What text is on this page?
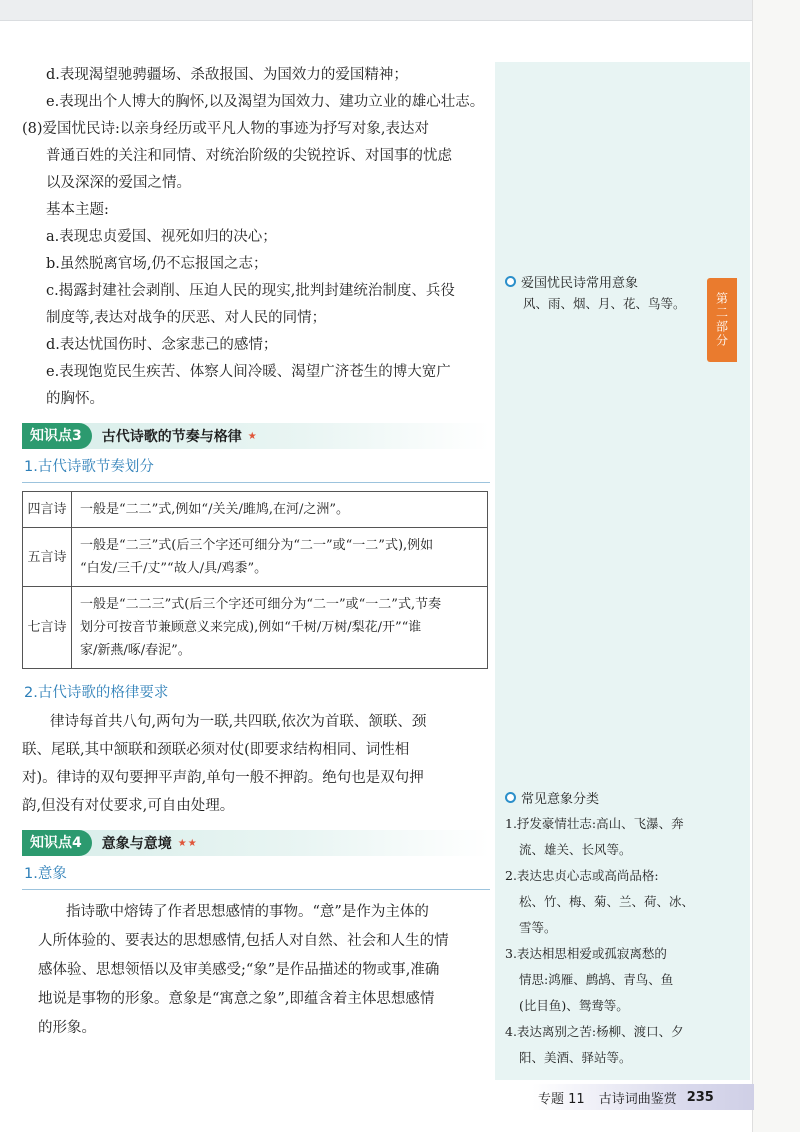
第二部分
d.表现渴望驰骋疆场、杀敌报国、为国效力的爱国精神；
e.表现出个人博大的胸怀,以及渴望为国效力、建功立业的雄心壮志。
(8)爱国忧民诗:以亲身经历或平凡人物的事迹为抒写对象,表达对
普通百姓的关注和同情、对统治阶级的尖锐控诉、对国事的忧虑
以及深深的爱国之情。
基本主题:
a.表现忠贞爱国、视死如归的决心；
b.虽然脱离官场,仍不忘报国之志；
c.揭露封建社会剥削、压迫人民的现实,批判封建统治制度、兵役
制度等,表达对战争的厌恶、对人民的同情；
d.表达忧国伤时、念家悲己的感情；
e.表现饱览民生疾苦、体察人间冷暖、渴望广济苍生的博大宽广
的胸怀。
知识点3	古代诗歌的节奏与格律 ★
1.古代诗歌节奏划分
四言诗	一般是“二二”式,例如“/关关/雎鸠,在河/之洲”。
五言诗	一般是“二三”式(后三个字还可细分为“二一”或“一二”式),例如
“白发/三千/丈”“故人/具/鸡黍”。
七言诗	一般是“二二三”式(后三个字还可细分为“二一”或“一二”式,节奏
划分可按音节兼顾意义来完成),例如“千树/万树/梨花/开”“谁
家/新燕/啄/春泥”。
2.古代诗歌的格律要求
律诗每首共八句,两句为一联,共四联,依次为首联、颔联、颈
联、尾联,其中颔联和颈联必须对仗(即要求结构相同、词性相
对)。律诗的双句要押平声韵,单句一般不押韵。绝句也是双句押
韵,但没有对仗要求,可自由处理。
知识点4	意象与意境 ★★
1.意象
指诗歌中熔铸了作者思想感情的事物。“意”是作为主体的
人所体验的、要表达的思想感情,包括人对自然、社会和人生的情
感体验、思想领悟以及审美感受;“象”是作品描述的物或事,准确
地说是事物的形象。意象是“寓意之象”,即蕴含着主体思想感情
的形象。
爱国忧民诗常用意象
风、雨、烟、月、花、鸟等。
常见意象分类
1.抒发豪情壮志:高山、飞瀑、奔
流、雄关、长风等。
2.表达忠贞心志或高尚品格:
松、竹、梅、菊、兰、荷、冰、
雪等。
3.表达相思相爱或孤寂离愁的
情思:鸿雁、鹧鸪、青鸟、鱼
(比目鱼)、鸳鸯等。
4.表达离别之苦:杨柳、渡口、夕
阳、美酒、驿站等。
专题 11 古诗词曲鉴赏 235
